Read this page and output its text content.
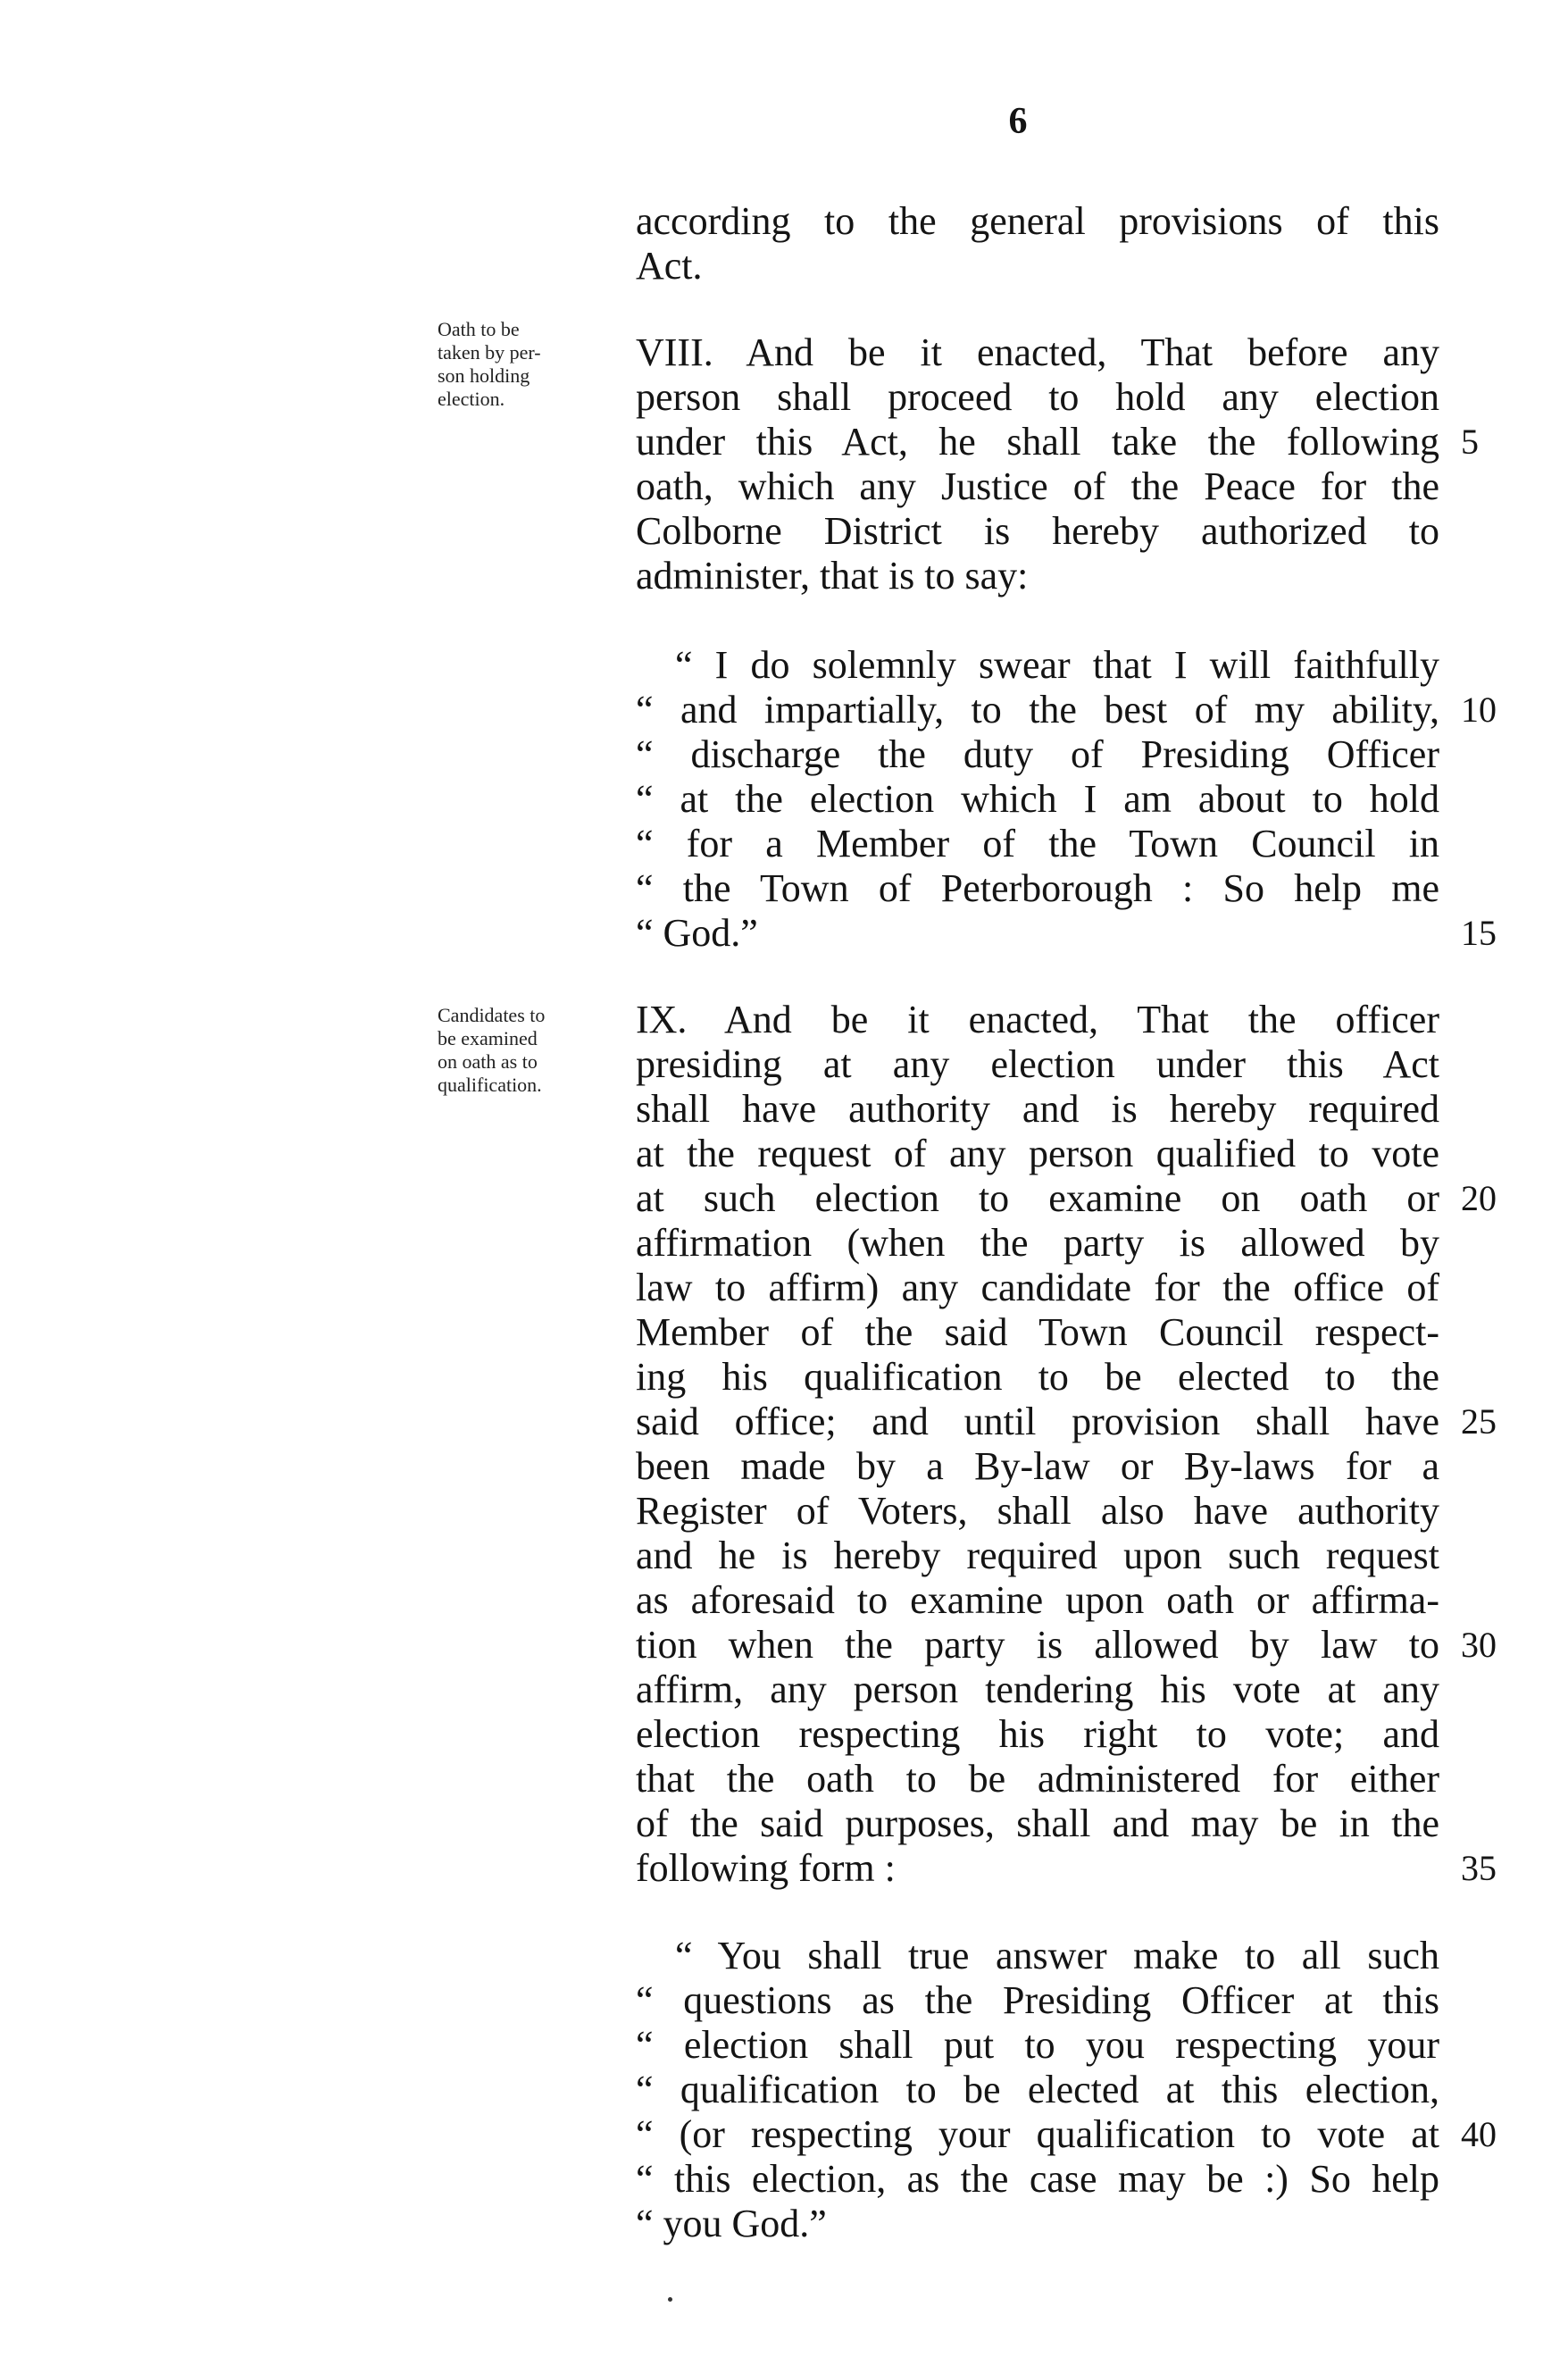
6
Oath to be
taken by per-
son holding
election.
Candidates to
be examined
on oath as to
qualification.
according to the general provisions of this
Act.
VIII. And be it enacted, That before any
person shall proceed to hold any election
under this Act, he shall take the following 5
oath, which any Justice of the Peace for the
Colborne District is hereby authorized to
administer, that is to say:
“ I do solemnly swear that I will faithfully
“ and impartially, to the best of my ability, 10
“ discharge the duty of Presiding Officer
“ at the election which I am about to hold
“ for a Member of the Town Council in
“ the Town of Peterborough : So help me
“ God.”	15
IX. And be it enacted, That the officer
presiding at any election under this Act
shall have authority and is hereby required
at the request of any person qualified to vote
at such election to examine on oath or 20
affirmation (when the party is allowed by
law to affirm) any candidate for the office of
Member of the said Town Council respect-
ing his qualification to be elected to the
said office; and until provision shall have 25
been made by a By-law or By-laws for a
Register of Voters, shall also have authority
and he is hereby required upon such request
as aforesaid to examine upon oath or affirma-
tion when the party is allowed by law to 30
affirm, any person tendering his vote at any
election respecting his right to vote; and
that the oath to be administered for either
of the said purposes, shall and may be in the
following form :	35
“ You shall true answer make to all such
“ questions as the Presiding Officer at this
“ election shall put to you respecting your
“ qualification to be elected at this election,
“ (or respecting your qualification to vote at 40
“ this election, as the case may be :) So help
“ you God.”
